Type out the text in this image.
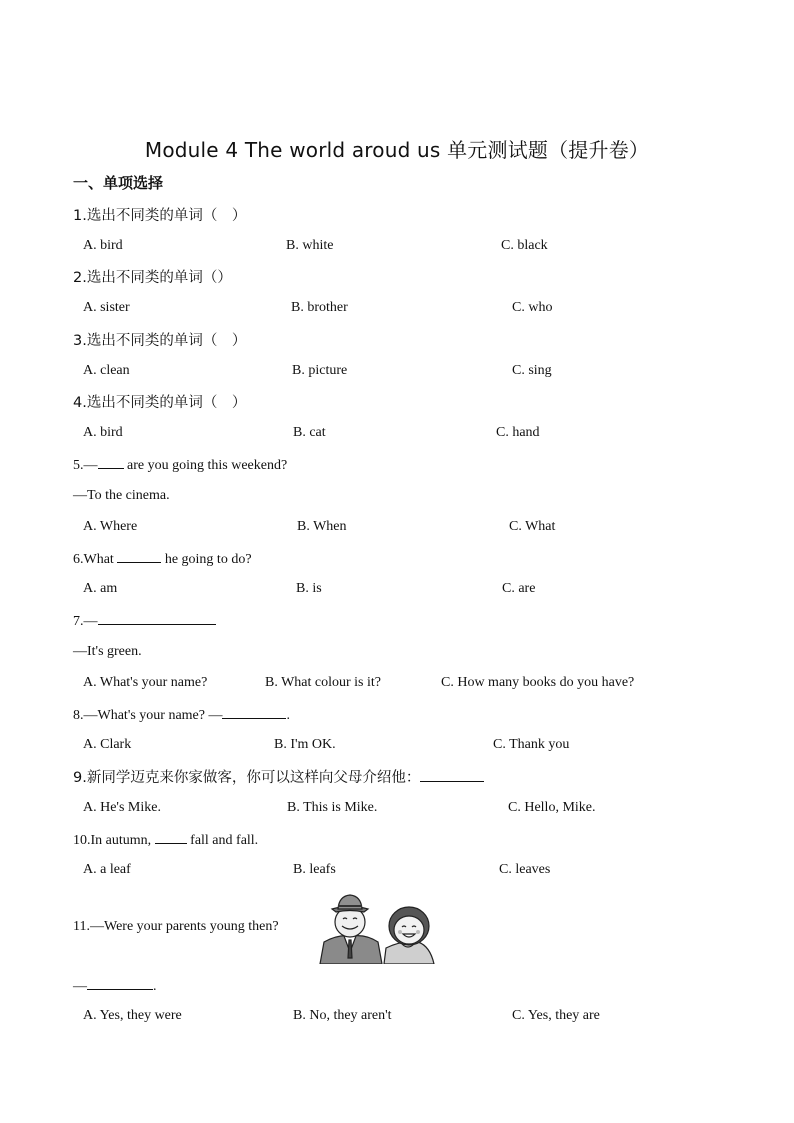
Module 4 The world aroud us 单元测试题（提升卷）
一、单项选择
1.选出不同类的单词（　）
A. bird	B. white	C. black
2.选出不同类的单词（）
A. sister	B. brother	C. who
3.选出不同类的单词（　）
A. clean	B. picture	C. sing
4.选出不同类的单词（　）
A. bird	B. cat	C. hand
5.— are you going this weekend?
—To the cinema.
A. Where	B. When	C. What
6.What	he going to do?
A. am	B. is	C. are
7.—
—It's green.
A. What's your name?	B. What colour is it?	C. How many books do you have?
8.—What's your name? —	.
A. Clark	B. I'm OK.	C. Thank you
9.新同学迈克来你家做客，你可以这样向父母介绍他：
A. He's Mike.	B. This is Mike.	C. Hello, Mike.
10.In autumn,  fall and fall.
A. a leaf	B. leafs	C. leaves
11.—Were your parents young then?
—	.
A. Yes, they were	B. No, they aren't	C. Yes, they are
